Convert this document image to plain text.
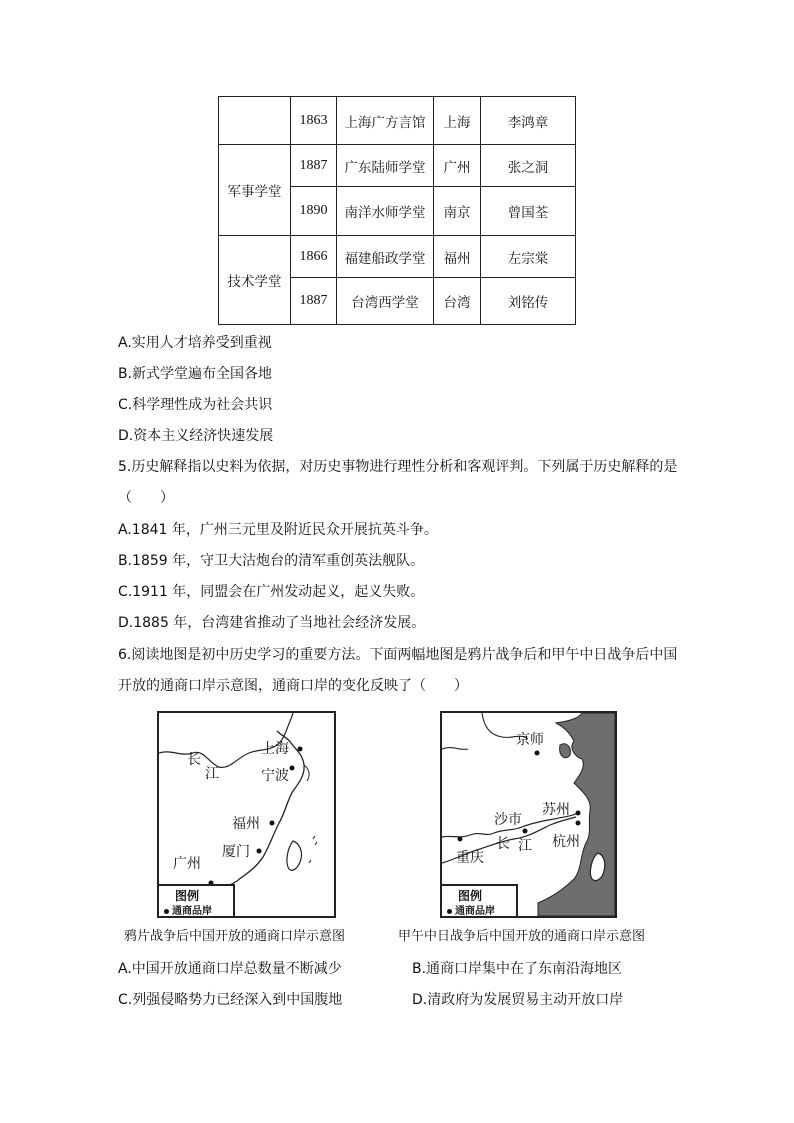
	1863	上海广方言馆	上海	李鸿章
军事学堂	1887	广东陆师学堂	广州	张之洞
	1890	南洋水师学堂	南京	曾国荃
技术学堂	1866	福建船政学堂	福州	左宗棠
	1887	台湾西学堂	台湾	刘铭传
A.实用人才培养受到重视
B.新式学堂遍布全国各地
C.科学理性成为社会共识
D.资本主义经济快速发展
5.历史解释指以史料为依据，对历史事物进行理性分析和客观评判。下列属于历史解释的是
（　　）
A.1841 年，广州三元里及附近民众开展抗英斗争。
B.1859 年，守卫大沽炮台的清军重创英法舰队。
C.1911 年，同盟会在广州发动起义，起义失败。
D.1885 年，台湾建省推动了当地社会经济发展。
6.阅读地图是初中历史学习的重要方法。下面两幅地图是鸦片战争后和甲午中日战争后中国
开放的通商口岸示意图，通商口岸的变化反映了（　　）
长
江
上海
宁波
福州
厦门
广州
图例
通商品岸
鸦片战争后中国开放的通商口岸示意图
京师
苏州
沙市
长 江 杭州
重庆
图例
通商品岸
甲午中日战争后中国开放的通商口岸示意图
A.中国开放通商口岸总数量不断减少	B.通商口岸集中在了东南沿海地区
C.列强侵略势力已经深入到中国腹地	D.清政府为发展贸易主动开放口岸
